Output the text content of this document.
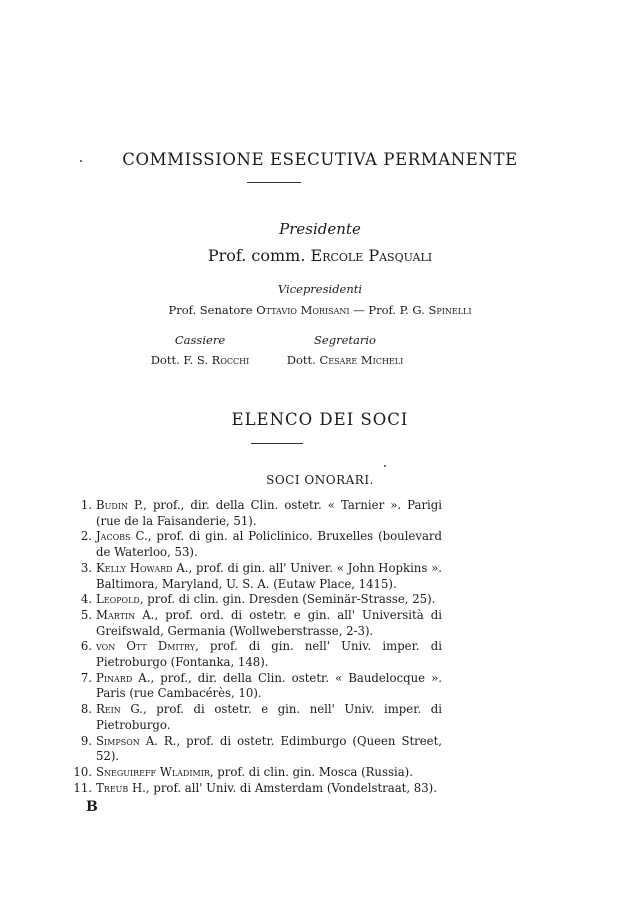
COMMISSIONE ESECUTIVA PERMANENTE
Presidente
Prof. comm. Ercole Pasquali
Vicepresidenti
Prof. Senatore Ottavio Morisani — Prof. P. G. Spinelli
Cassiere	Segretario
Dott. F. S. Rocchi	Dott. Cesare Micheli
ELENCO DEI SOCI
SOCI ONORARI.
1. Budin P., prof., dir. della Clin. ostetr. « Tarnier ». Parigi (rue de la Faisanderie, 51).
2. Jacobs C., prof. di gin. al Policlinico. Bruxelles (boulevard de Waterloo, 53).
3. Kelly Howard A., prof. di gin. all' Univer. « John Hopkins ». Baltimora, Maryland, U. S. A. (Eutaw Place, 1415).
4. Leopold, prof. di clin. gin. Dresden (Seminär-Strasse, 25).
5. Martin A., prof. ord. di ostetr. e gin. all' Università di Greifswald, Germania (Wollweberstrasse, 2-3).
6. von Ott Dmitry, prof. di gin. nell' Univ. imper. di Pietroburgo (Fontanka, 148).
7. Pinard A., prof., dir. della Clin. ostetr. « Baudelocque ». Paris (rue Cambacérès, 10).
8. Rein G., prof. di ostetr. e gin. nell' Univ. imper. di Pietroburgo.
9. Simpson A. R., prof. di ostetr. Edimburgo (Queen Street, 52).
10. Sneguireff Wladimir, prof. di clin. gin. Mosca (Russia).
11. Treub H., prof. all' Univ. di Amsterdam (Vondelstraat, 83).
B
